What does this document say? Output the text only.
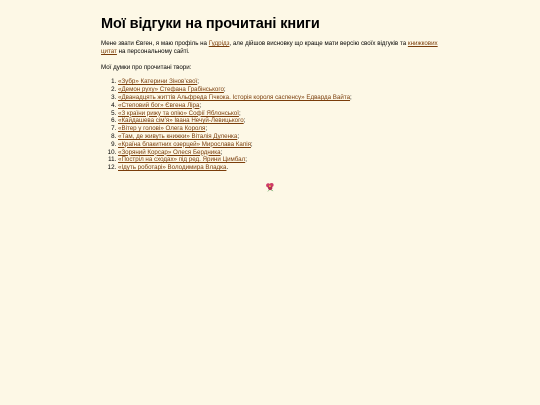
Мої відгуки на прочитані книги

Мене звати Євген, я маю профіль на Гудрідз, але дійшов висновку що краще мати версію своїх відгуків та книжкових цитат на персональному сайті.

Мої думки про прочитані твори:

1. «Зубр» Катерини Зінов’євої;
2. «Демон руху» Стефана Грабінського;
3. «Дванадцять життів Альфреда Гічкока. Історія короля саспенсу» Едварда Вайта;
4. «Степовий бог» Євгена Ліра;
5. «З країни рижу та опію» Софії Яблонської;
6. «Кайдашева сім’я» Івана Нечуй-Левицького;
7. «Вітер у голові» Олега Короля;
8. «Там, де живуть книжки» Віталія Дуленка;
9. «Країна блакитних озерцей» Мирослава Капія;
10. «Зоряний Корсар» Олеся Бердника;
11. «Постріл на сходах» під ред. Ярини Цимбал;
12. «Ідуть роботарі» Володимира Владка.
